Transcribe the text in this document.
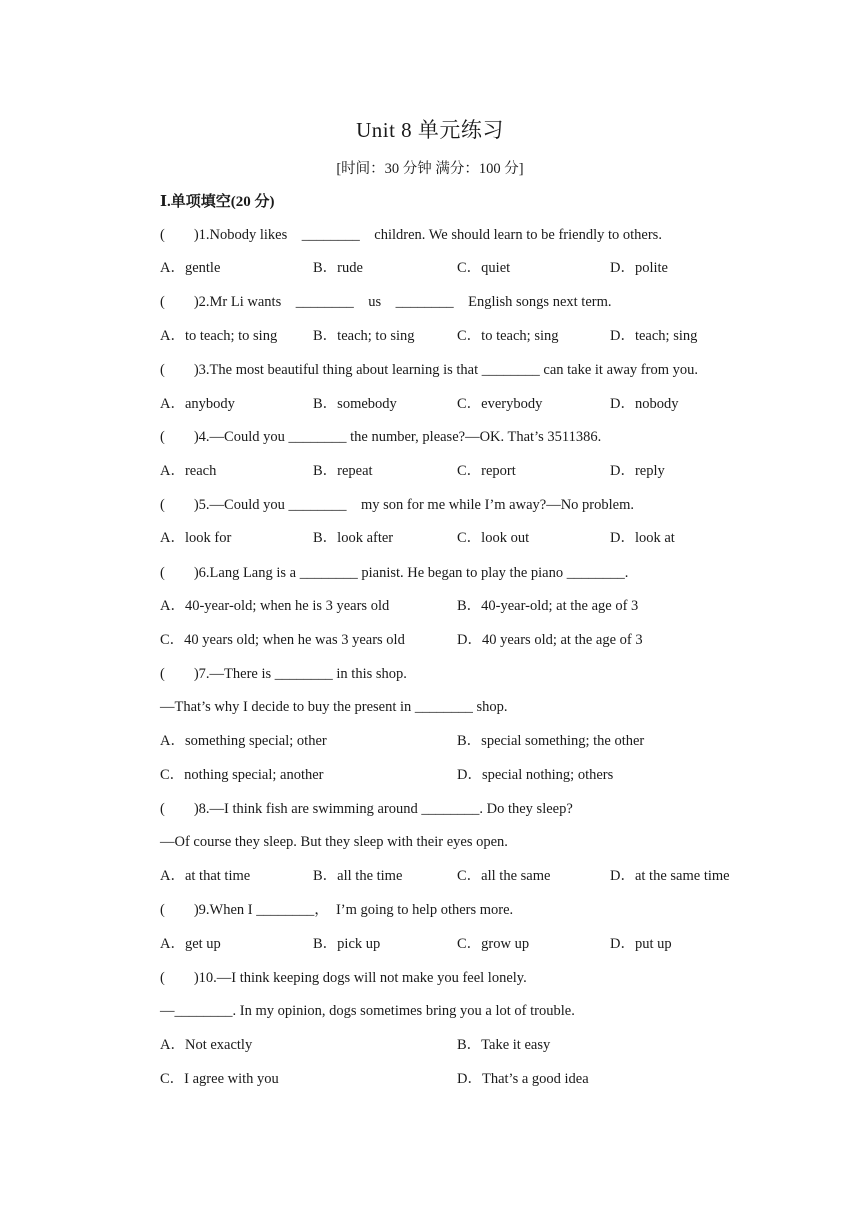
Unit 8 单元练习
[时间：30 分钟 满分：100 分]
Ⅰ.单项填空(20 分)
(        )1.Nobody likes    ________    children. We should learn to be friendly to others.
A．gentle	B．rude	C．quiet	D．polite
(        )2.Mr Li wants    ________    us    ________    English songs next term.
A．to teach; to sing B．teach; to sing	C．to teach; sing	D．teach; sing
(        )3.The most beautiful thing about learning is that ________ can take it away from you.
A．anybody	B．somebody	C．everybody	D．nobody
(        )4.—Could you ________ the number, please?—OK. That’s 3511386.
A．reach	B．repeat	C．report	D．reply
(        )5.—Could you ________    my son for me while I’m away?—No problem.
A．look for	B．look after	C．look out	D．look at
(        )6.Lang Lang is a ________ pianist. He began to play the piano ________.
A．40-year-old; when he is 3 years old	B．40-year-old; at the age of 3
C．40 years old; when he was 3 years old	D．40 years old; at the age of 3
(        )7.—There is ________ in this shop.
—That’s why I decide to buy the present in ________ shop.
A．something special; other	B．special something; the other
C．nothing special; another	D．special nothing; others
(        )8.—I think fish are swimming around ________. Do they sleep?
—Of course they sleep. But they sleep with their eyes open.
A．at that time	B．all the time	C．all the same	D．at the same time
(        )9.When I ________，  I’m going to help others more.
A．get up	B．pick up	C．grow up	D．put up
(        )10.—I think keeping dogs will not make you feel lonely.
—________. In my opinion, dogs sometimes bring you a lot of trouble.
A．Not exactly	B．Take it easy
C．I agree with you	D．That’s a good idea
